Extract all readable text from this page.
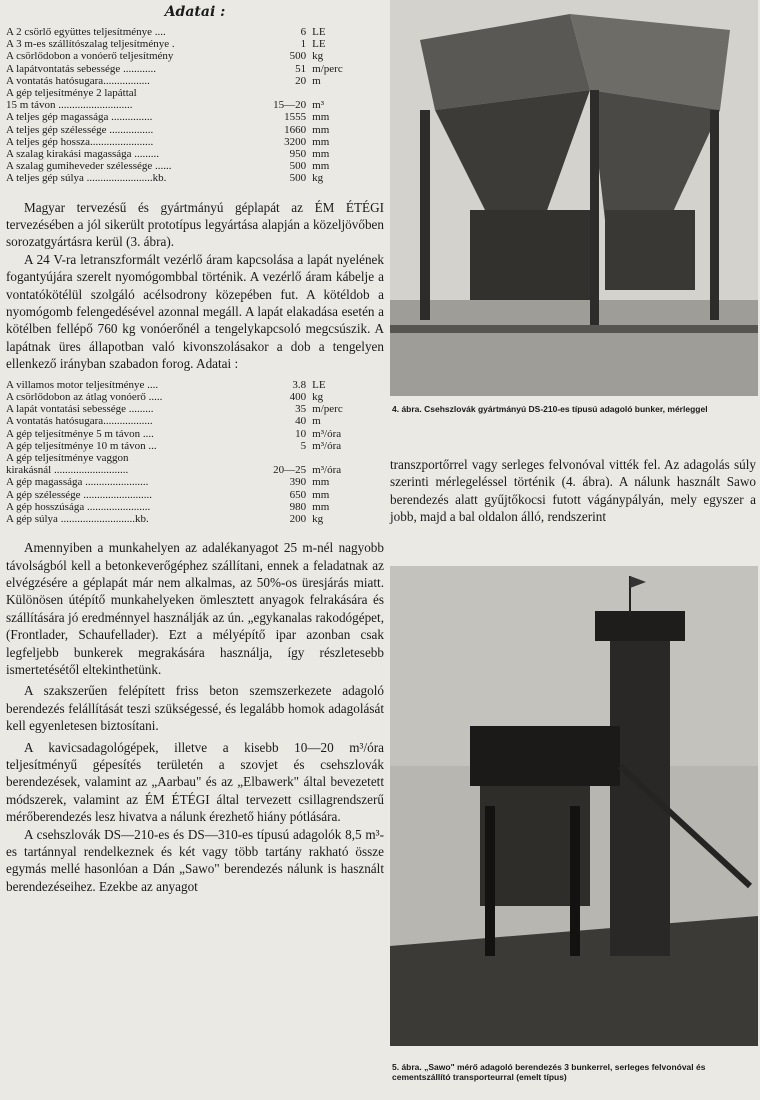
Adatai :
A 2 csörlő együttes teljesítménye ....	6	LE
A 3 m-es szállítószalag teljesítménye .	1	LE
A csörlődobon a vonóerő teljesítmény	500	kg
A lapátvontatás sebessége ............	51	m/perc
A vontatás hatósugara.................	20	m
A gép teljesítménye 2 lapáttal		
15 m távon ...........................	15—20	m³
A teljes gép magassága ...............	1555	mm
A teljes gép szélessége ................	1660	mm
A teljes gép hossza.......................	3200	mm
A szalag kirakási magassága .........	950	mm
A szalag gumiheveder szélessége ......	500	mm
A teljes gép súlya ........................kb.	500	kg

Magyar tervezésű és gyártmányú géplapát az ÉM ÉTÉGI tervezésében a jól sikerült prototípus legyártása alapján a közeljövőben sorozatgyártásra kerül (3. ábra).

A 24 V-ra letranszformált vezérlő áram kapcsolása a lapát nyelének fogantyújára szerelt nyomógombbal történik. A vezérlő áram kábelje a vontatókötélül szolgáló acélsodrony közepében fut. A kötéldob a nyomógomb felengedésével azonnal megáll. A lapát elakadása esetén a kötélben fellépő 760 kg vonóerőnél a tengelykapcsoló megcsúszik. A lapátnak üres állapotban való kivonszolásakor a dob a tengelyen ellenkező irányban szabadon forog. Adatai :

A villamos motor teljesítménye ....	3.8	LE
A csörlődobon az átlag vonóerő .....	400	kg
A lapát vontatási sebessége .........	35	m/perc
A vontatás hatósugara..................	40	m
A gép teljesítménye 5 m távon ....	10	m³/óra
A gép teljesítménye 10 m távon ...	5	m³/óra
A gép teljesítménye vaggon		
kirakásnál ...........................	20—25	m³/óra
A gép magassága .......................	390	mm
A gép szélessége .........................	650	mm
A gép hosszúsága .......................	980	mm
A gép súlya ...........................kb.	200	kg

Amennyiben a munkahelyen az adalékanyagot 25 m-nél nagyobb távolságból kell a betonkeverőgéphez szállítani, ennek a feladatnak az elvégzésére a géplapát már nem alkalmas, az 50%-os üresjárás miatt. Különösen útépítő munkahelyeken ömlesztett anyagok felrakására és szállítására jó eredménnyel használják az ún. „egykanalas rakodógépet, (Frontlader, Schaufellader). Ezt a mélyépítő ipar azonban csak legfeljebb bunkerek megrakására használja, így részletesebb ismertetésétől eltekinthetünk.

A szakszerűen felépített friss beton szemszerkezete adagoló berendezés felállítását teszi szükségessé, és legalább homok adagolását kell egyenletesen biztosítani.

A kavicsadagológépek, illetve a kisebb 10—20 m³/óra teljesítményű gépesítés területén a szovjet és csehszlovák berendezések, valamint az „Aarbau" és az „Elbawerk" által bevezetett módszerek, valamint az ÉM ÉTÉGI által tervezett csillagrendszerű mérőberendezés lesz hivatva a nálunk érezhető hiány pótlására.

A csehszlovák DS—210-es és DS—310-es típusú adagolók 8,5 m³-es tartánnyal rendelkeznek és két vagy több tartány rakható össze egymás mellé hasonlóan a Dán „Sawo" berendezés nálunk is használt berendezéseihez. Ezekbe az anyagot

4. ábra. Csehszlovák gyártmányú DS-210-es típusú adagoló bunker, mérleggel

transzportőrrel vagy serleges felvonóval vitték fel. Az adagolás súly szerinti mérlegeléssel történik (4. ábra). A nálunk használt Sawo berendezés alatt gyűjtőkocsi futott vágánypályán, mely egyszer a jobb, majd a bal oldalon álló, rendszerint

5. ábra. „Sawo" mérő adagoló berendezés 3 bunkerrel, serleges felvonóval és cementszállító transporteurral (emelt típus)
